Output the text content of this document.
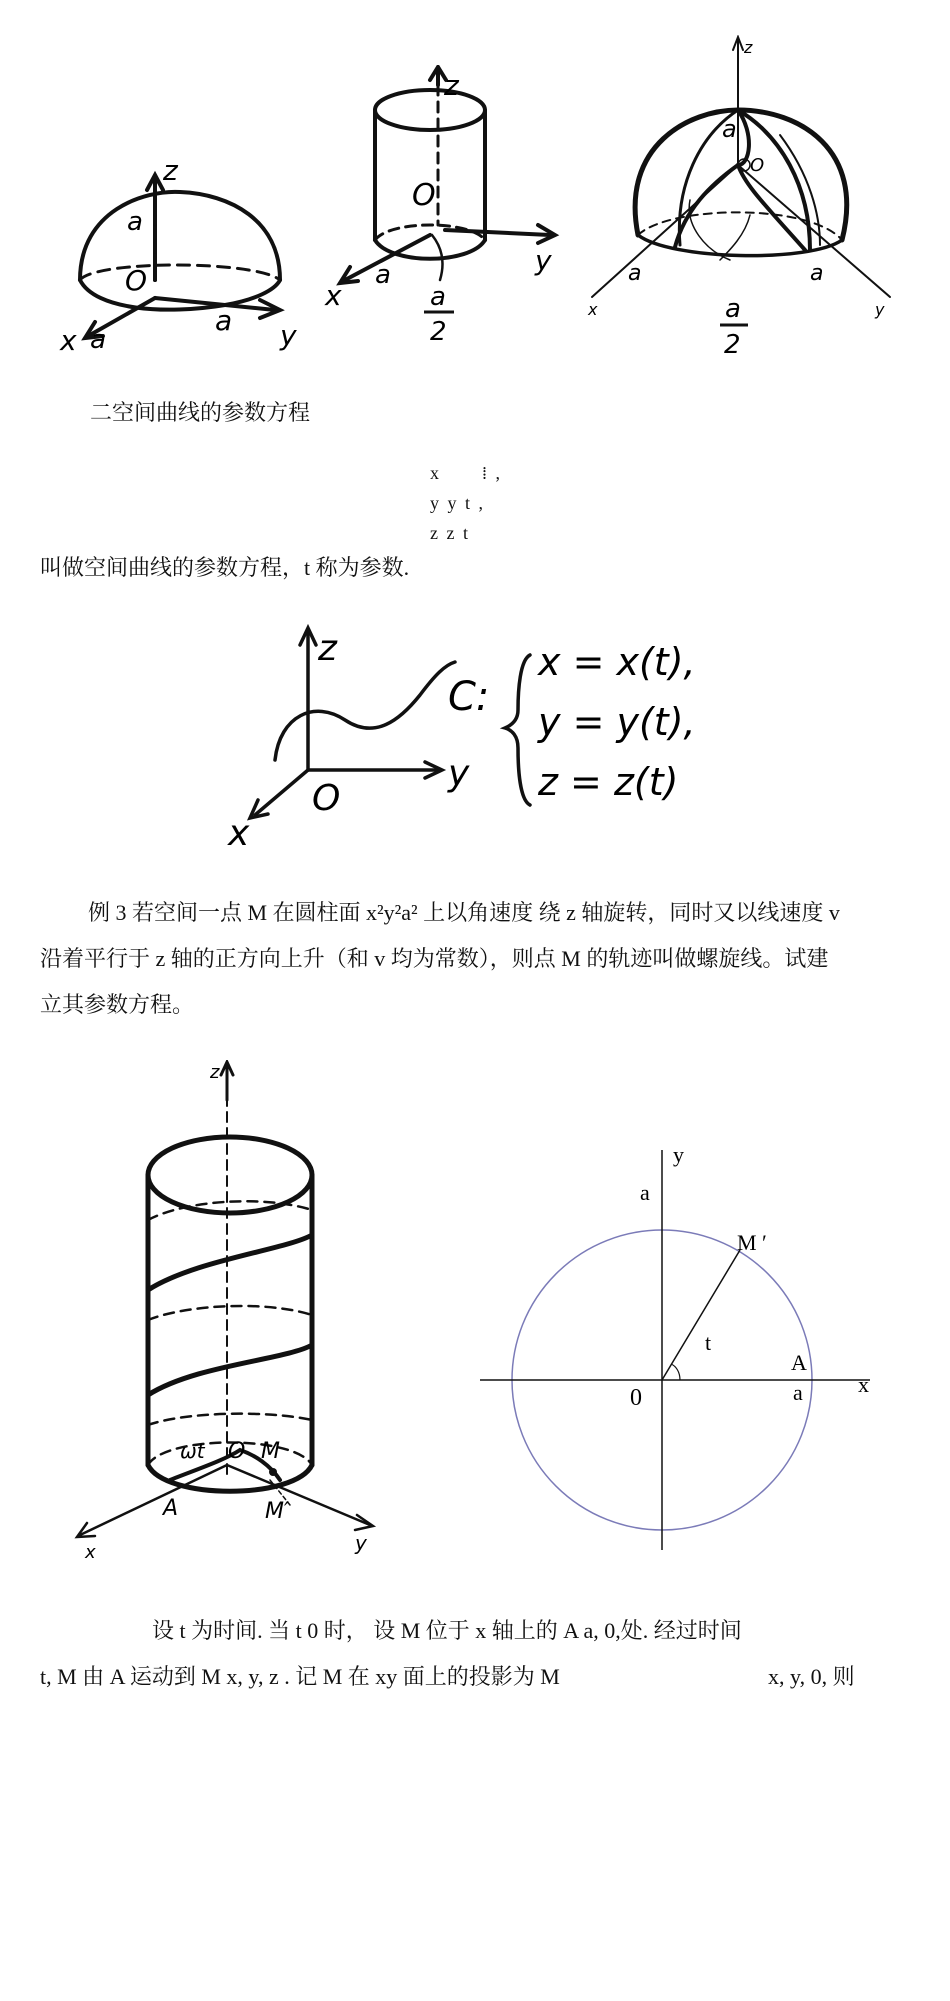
z
a
O
a y
x a
z
O
y
a
x	a
2
z
a
O
a	a
x	y
a
2
二空间曲线的参数方程
x ⁞ ,
y y t ,
z z t
叫做空间曲线的参数方程，t 称为参数.
z
y
x
O
C:
x = x(t),
y = y(t),
z = z(t)
例 3 若空间一点 M 在圆柱面 x²y²a² 上以角速度 绕 z 轴旋转，同时又以线速度 v
沿着平行于 z 轴的正方向上升（和 v 均为常数），则点 M 的轨迹叫做螺旋线。试建
立其参数方程。
z
ωt O M
A	M′
x	y
y
a
M ′
t
0
A
a	x
设 t 为时间. 当 t 0 时， 设 M 位于 x 轴上的 A a, 0,处. 经过时间
t, M 由 A 运动到 M x, y, z . 记 M 在 xy 面上的投影为 M	x, y, 0, 则
